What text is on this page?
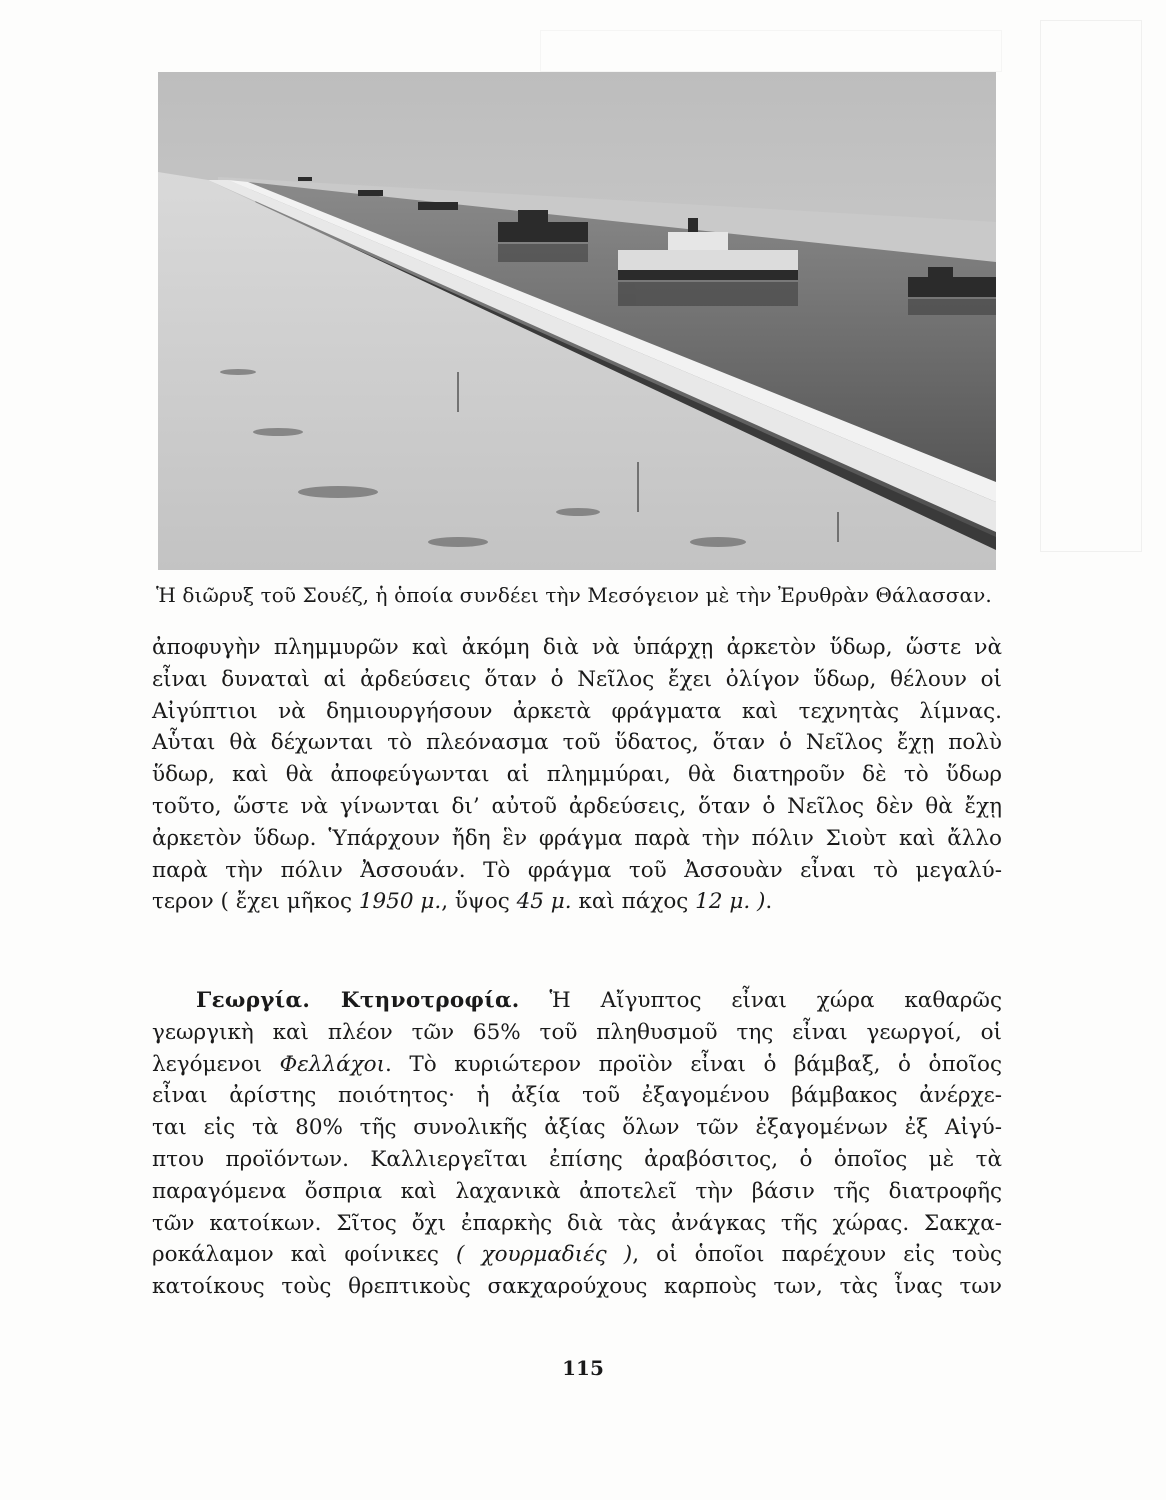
Ἡ διῶρυξ τοῦ Σουέζ, ἡ ὁποία συνδέει τὴν Μεσόγειον μὲ τὴν Ἐρυθρὰν Θάλασσαν.
ἀποφυγὴν πλημμυρῶν καὶ ἀκόμη διὰ νὰ ὑπάρχῃ ἀρκετὸν ὕδωρ, ὥστε νὰ
εἶναι δυναταὶ αἱ ἀρδεύσεις ὅταν ὁ Νεῖλος ἔχει ὀλίγον ὕδωρ, θέλουν οἱ
Αἰγύπτιοι νὰ δημιουργήσουν ἀρκετὰ φράγματα καὶ τεχνητὰς λίμνας.
Αὗται θὰ δέχωνται τὸ πλεόνασμα τοῦ ὕδατος, ὅταν ὁ Νεῖλος ἔχῃ πολὺ
ὕδωρ, καὶ θὰ ἀποφεύγωνται αἱ πλημμύραι, θὰ διατηροῦν δὲ τὸ ὕδωρ
τοῦτο, ὥστε νὰ γίνωνται δι’ αὐτοῦ ἀρδεύσεις, ὅταν ὁ Νεῖλος δὲν θὰ ἔχῃ
ἀρκετὸν ὕδωρ. Ὑπάρχουν ἤδη ἓν φράγμα παρὰ τὴν πόλιν Σιοὺτ καὶ ἄλλο
παρὰ τὴν πόλιν Ἀσσουάν. Τὸ φράγμα τοῦ Ἀσσουὰν εἶναι τὸ μεγαλύ-
τερον ( ἔχει μῆκος 1950 μ., ὕψος 45 μ. καὶ πάχος 12 μ. ).
Γεωργία. Κτηνοτροφία. Ἡ Αἴγυπτος εἶναι χώρα καθαρῶς
γεωργικὴ καὶ πλέον τῶν 65% τοῦ πληθυσμοῦ της εἶναι γεωργοί, οἱ
λεγόμενοι Φελλάχοι. Τὸ κυριώτερον προϊὸν εἶναι ὁ βάμβαξ, ὁ ὁποῖος
εἶναι ἀρίστης ποιότητος· ἡ ἀξία τοῦ ἐξαγομένου βάμβακος ἀνέρχε-
ται εἰς τὰ 80% τῆς συνολικῆς ἀξίας ὅλων τῶν ἐξαγομένων ἐξ Αἰγύ-
πτου προϊόντων. Καλλιεργεῖται ἐπίσης ἀραβόσιτος, ὁ ὁποῖος μὲ τὰ
παραγόμενα ὄσπρια καὶ λαχανικὰ ἀποτελεῖ τὴν βάσιν τῆς διατροφῆς
τῶν κατοίκων. Σῖτος ὄχι ἐπαρκὴς διὰ τὰς ἀνάγκας τῆς χώρας. Σακχα-
ροκάλαμον καὶ φοίνικες ( χουρμαδιές ), οἱ ὁποῖοι παρέχουν εἰς τοὺς
κατοίκους τοὺς θρεπτικοὺς σακχαρούχους καρποὺς των, τὰς ἶνας των
115
